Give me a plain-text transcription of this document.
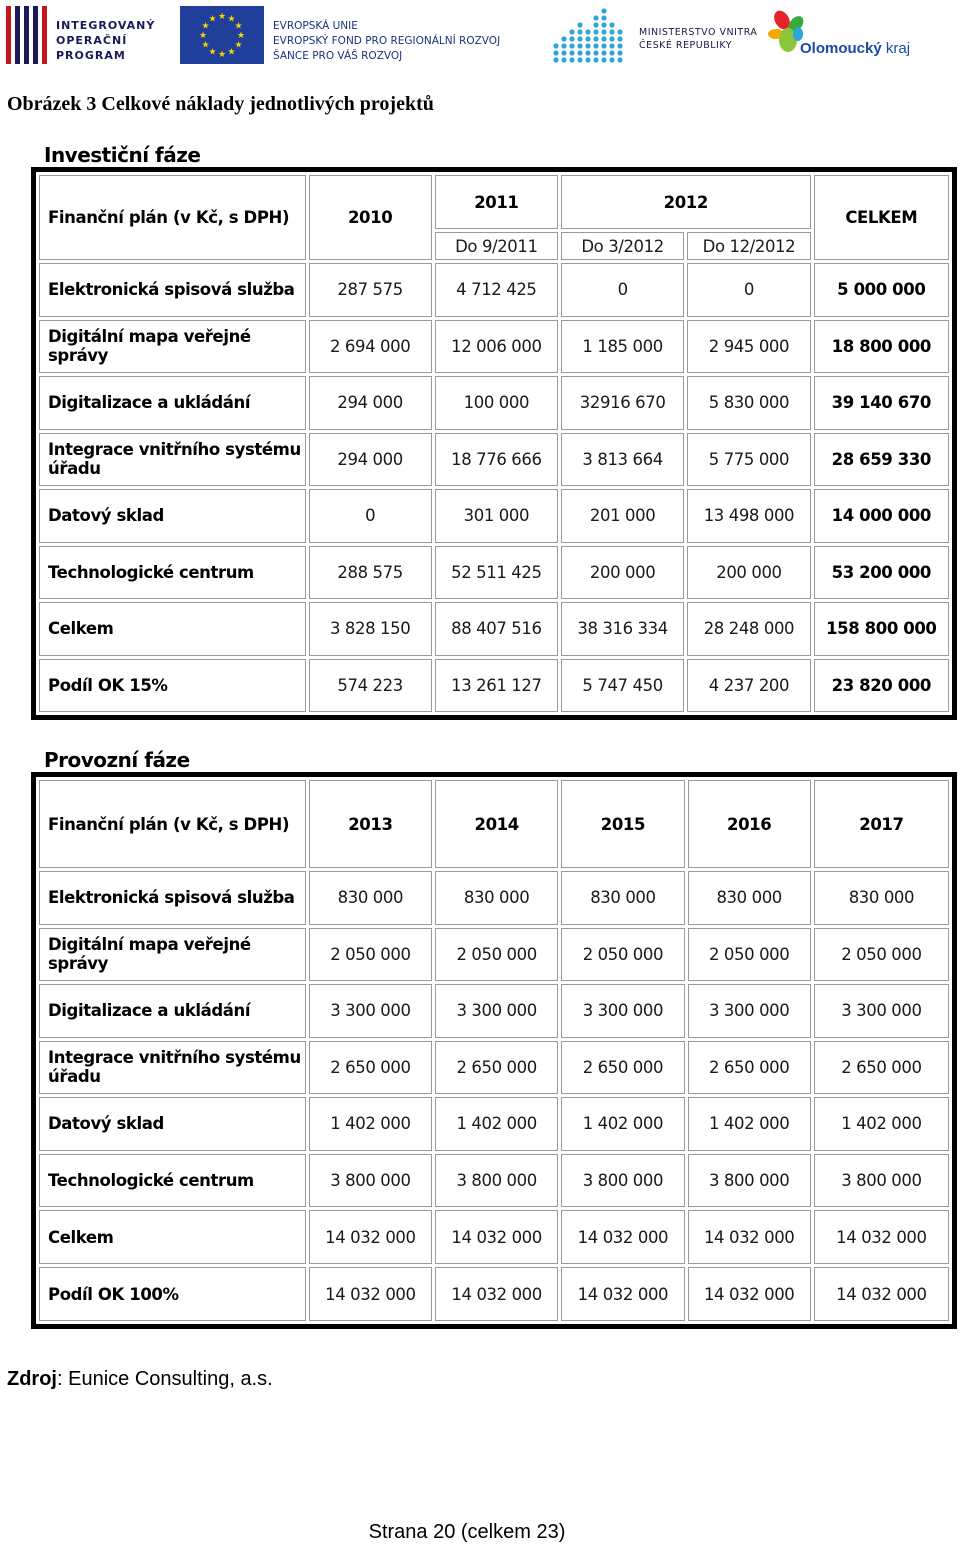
INTEGROVANÝ
OPERAČNÍ
PROGRAM
★ ★
★
★
★
★
★
★
★
★
★
★
EVROPSKÁ UNIE
EVROPSKÝ FOND PRO REGIONÁLNÍ ROZVOJ
ŠANCE PRO VÁŠ ROZVOJ
MINISTERSTVO VNITRA
ČESKÉ REPUBLIKY	Olomoucký kraj
Obrázek 3 Celkové náklady jednotlivých projektů
Investiční fáze
Finanční plán (v Kč, s DPH)	2010	2011	2012		CELKEM
		Do 9/2011	Do 3/2012	Do 12/2012	
Elektronická spisová služba	287 575	4 712 425	0	0	5 000 000
Digitální mapa veřejné správy	2 694 000	12 006 000	1 185 000	2 945 000	18 800 000
Digitalizace a ukládání	294 000	100 000	32916 670	5 830 000	39 140 670
Integrace vnitřního systému úřadu	294 000	18 776 666	3 813 664	5 775 000	28 659 330
Datový sklad	0	301 000	201 000	13 498 000	14 000 000
Technologické centrum	288 575	52 511 425	200 000	200 000	53 200 000
Celkem	3 828 150	88 407 516	38 316 334	28 248 000	158 800 000
Podíl OK 15%	574 223	13 261 127	5 747 450	4 237 200	23 820 000
Provozní fáze
Finanční plán (v Kč, s DPH)	2013	2014	2015	2016	2017
Elektronická spisová služba	830 000	830 000	830 000	830 000	830 000
Digitální mapa veřejné správy	2 050 000	2 050 000	2 050 000	2 050 000	2 050 000
Digitalizace a ukládání	3 300 000	3 300 000	3 300 000	3 300 000	3 300 000
Integrace vnitřního systému úřadu	2 650 000	2 650 000	2 650 000	2 650 000	2 650 000
Datový sklad	1 402 000	1 402 000	1 402 000	1 402 000	1 402 000
Technologické centrum	3 800 000	3 800 000	3 800 000	3 800 000	3 800 000
Celkem	14 032 000	14 032 000	14 032 000	14 032 000	14 032 000
Podíl OK 100%	14 032 000	14 032 000	14 032 000	14 032 000	14 032 000
Zdroj: Eunice Consulting, a.s.
Strana 20 (celkem 23)
